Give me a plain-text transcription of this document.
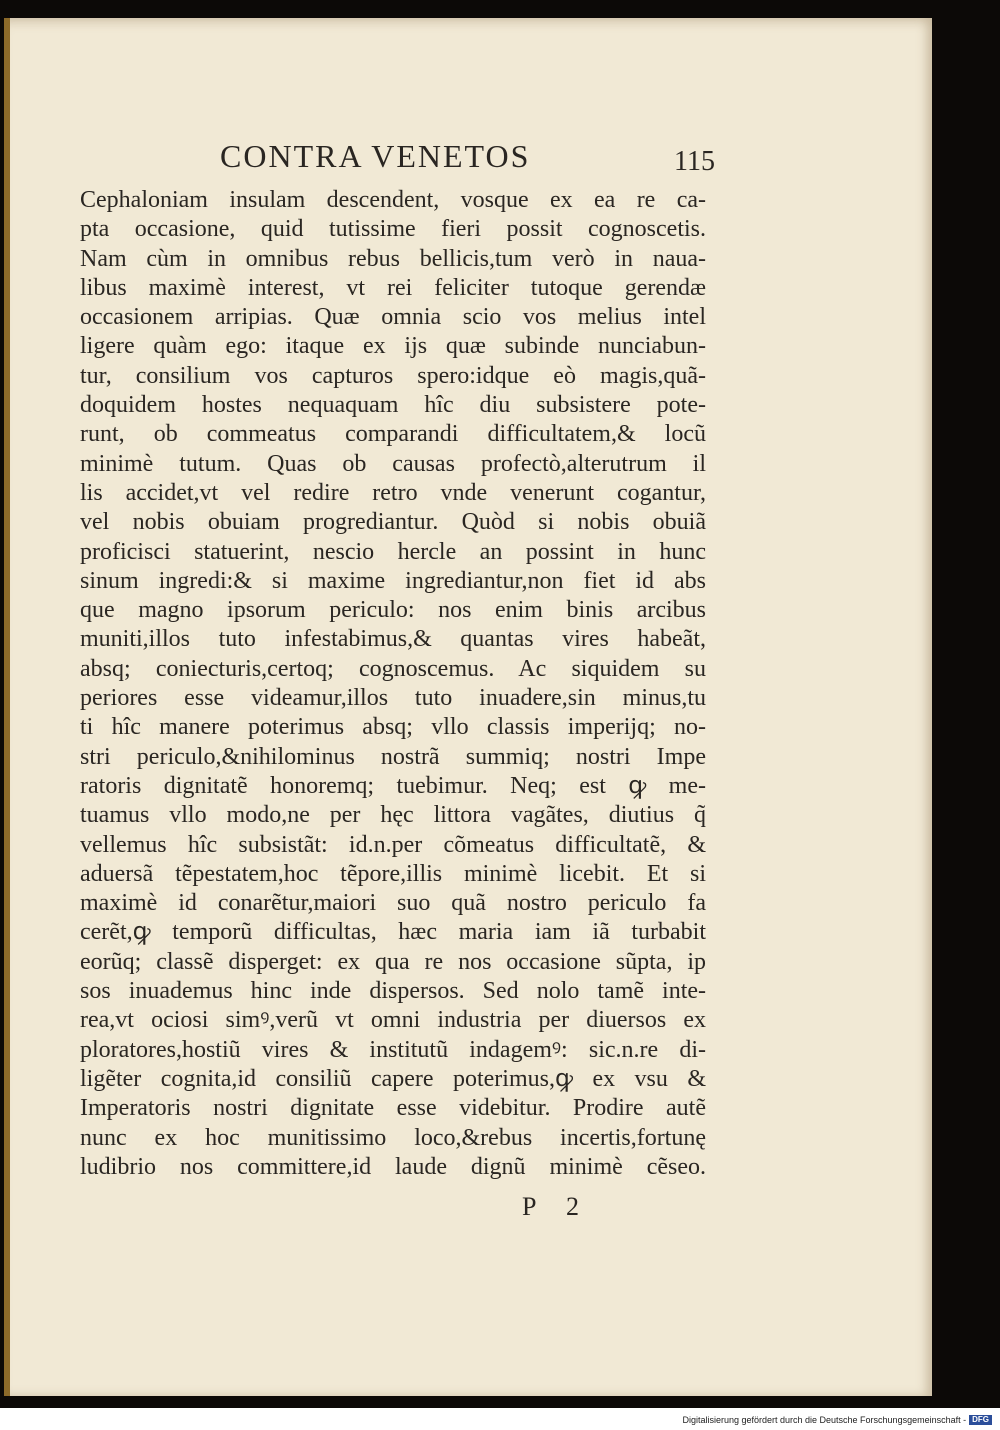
CONTRA VENETOS	115
Cephaloniam insulam descendent, vosque ex ea re ca-
pta occasione, quid tutissime fieri possit cognoscetis.
Nam cùm in omnibus rebus bellicis,tum verò in naua-
libus maximè interest, vt rei feliciter tutoque gerendæ
occasionem arripias. Quæ omnia scio vos melius intel
ligere quàm ego: itaque ex ijs quæ subinde nunciabun-
tur, consilium vos capturos spero:idque eò magis,quã-
doquidem hostes nequaquam hîc diu subsistere pote-
runt, ob commeatus comparandi difficultatem,& locũ
minimè tutum. Quas ob causas profectò,alterutrum il
lis accidet,vt vel redire retro vnde venerunt cogantur,
vel nobis obuiam progrediantur. Quòd si nobis obuiã
proficisci statuerint, nescio hercle an possint in hunc
sinum ingredi:& si maxime ingrediantur,non fiet id abs
que magno ipsorum periculo: nos enim binis arcibus
muniti,illos tuto infestabimus,& quantas vires habeãt,
absq; coniecturis,certoq; cognoscemus. Ac siquidem su
periores esse videamur,illos tuto inuadere,sin minus,tu
ti hîc manere poterimus absq; vllo classis imperijq; no-
stri periculo,&nihilominus nostrã summiq; nostri Impe
ratoris dignitatẽ honoremq; tuebimur. Neq; est ꝙ me-
tuamus vllo modo,ne per hęc littora vagãtes, diutius q̃
vellemus hîc subsistãt: id.n.per cõmeatus difficultatẽ, &
aduersã tẽpestatem,hoc tẽpore,illis minimè licebit. Et si
maximè id conarẽtur,maiori suo quã nostro periculo fa
cerẽt,ꝙ temporũ difficultas, hæc maria iam iã turbabit
eorũq; classẽ disperget: ex qua re nos occasione sũpta, ip
sos inuademus hinc inde dispersos. Sed nolo tamẽ inte-
rea,vt ociosi simꝰ,verũ vt omni industria per diuersos ex
ploratores,hostiũ vires & institutũ indagemꝰ: sic.n.re di-
ligẽter cognita,id consiliũ capere poterimus,ꝙ ex vsu &
Imperatoris nostri dignitate esse videbitur. Prodire autẽ
nunc ex hoc munitissimo loco,&rebus incertis,fortunę
ludibrio nos committere,id laude dignũ minimè cẽseo.
P 2
Digitalisierung gefördert durch die Deutsche Forschungsgemeinschaft - DFG
